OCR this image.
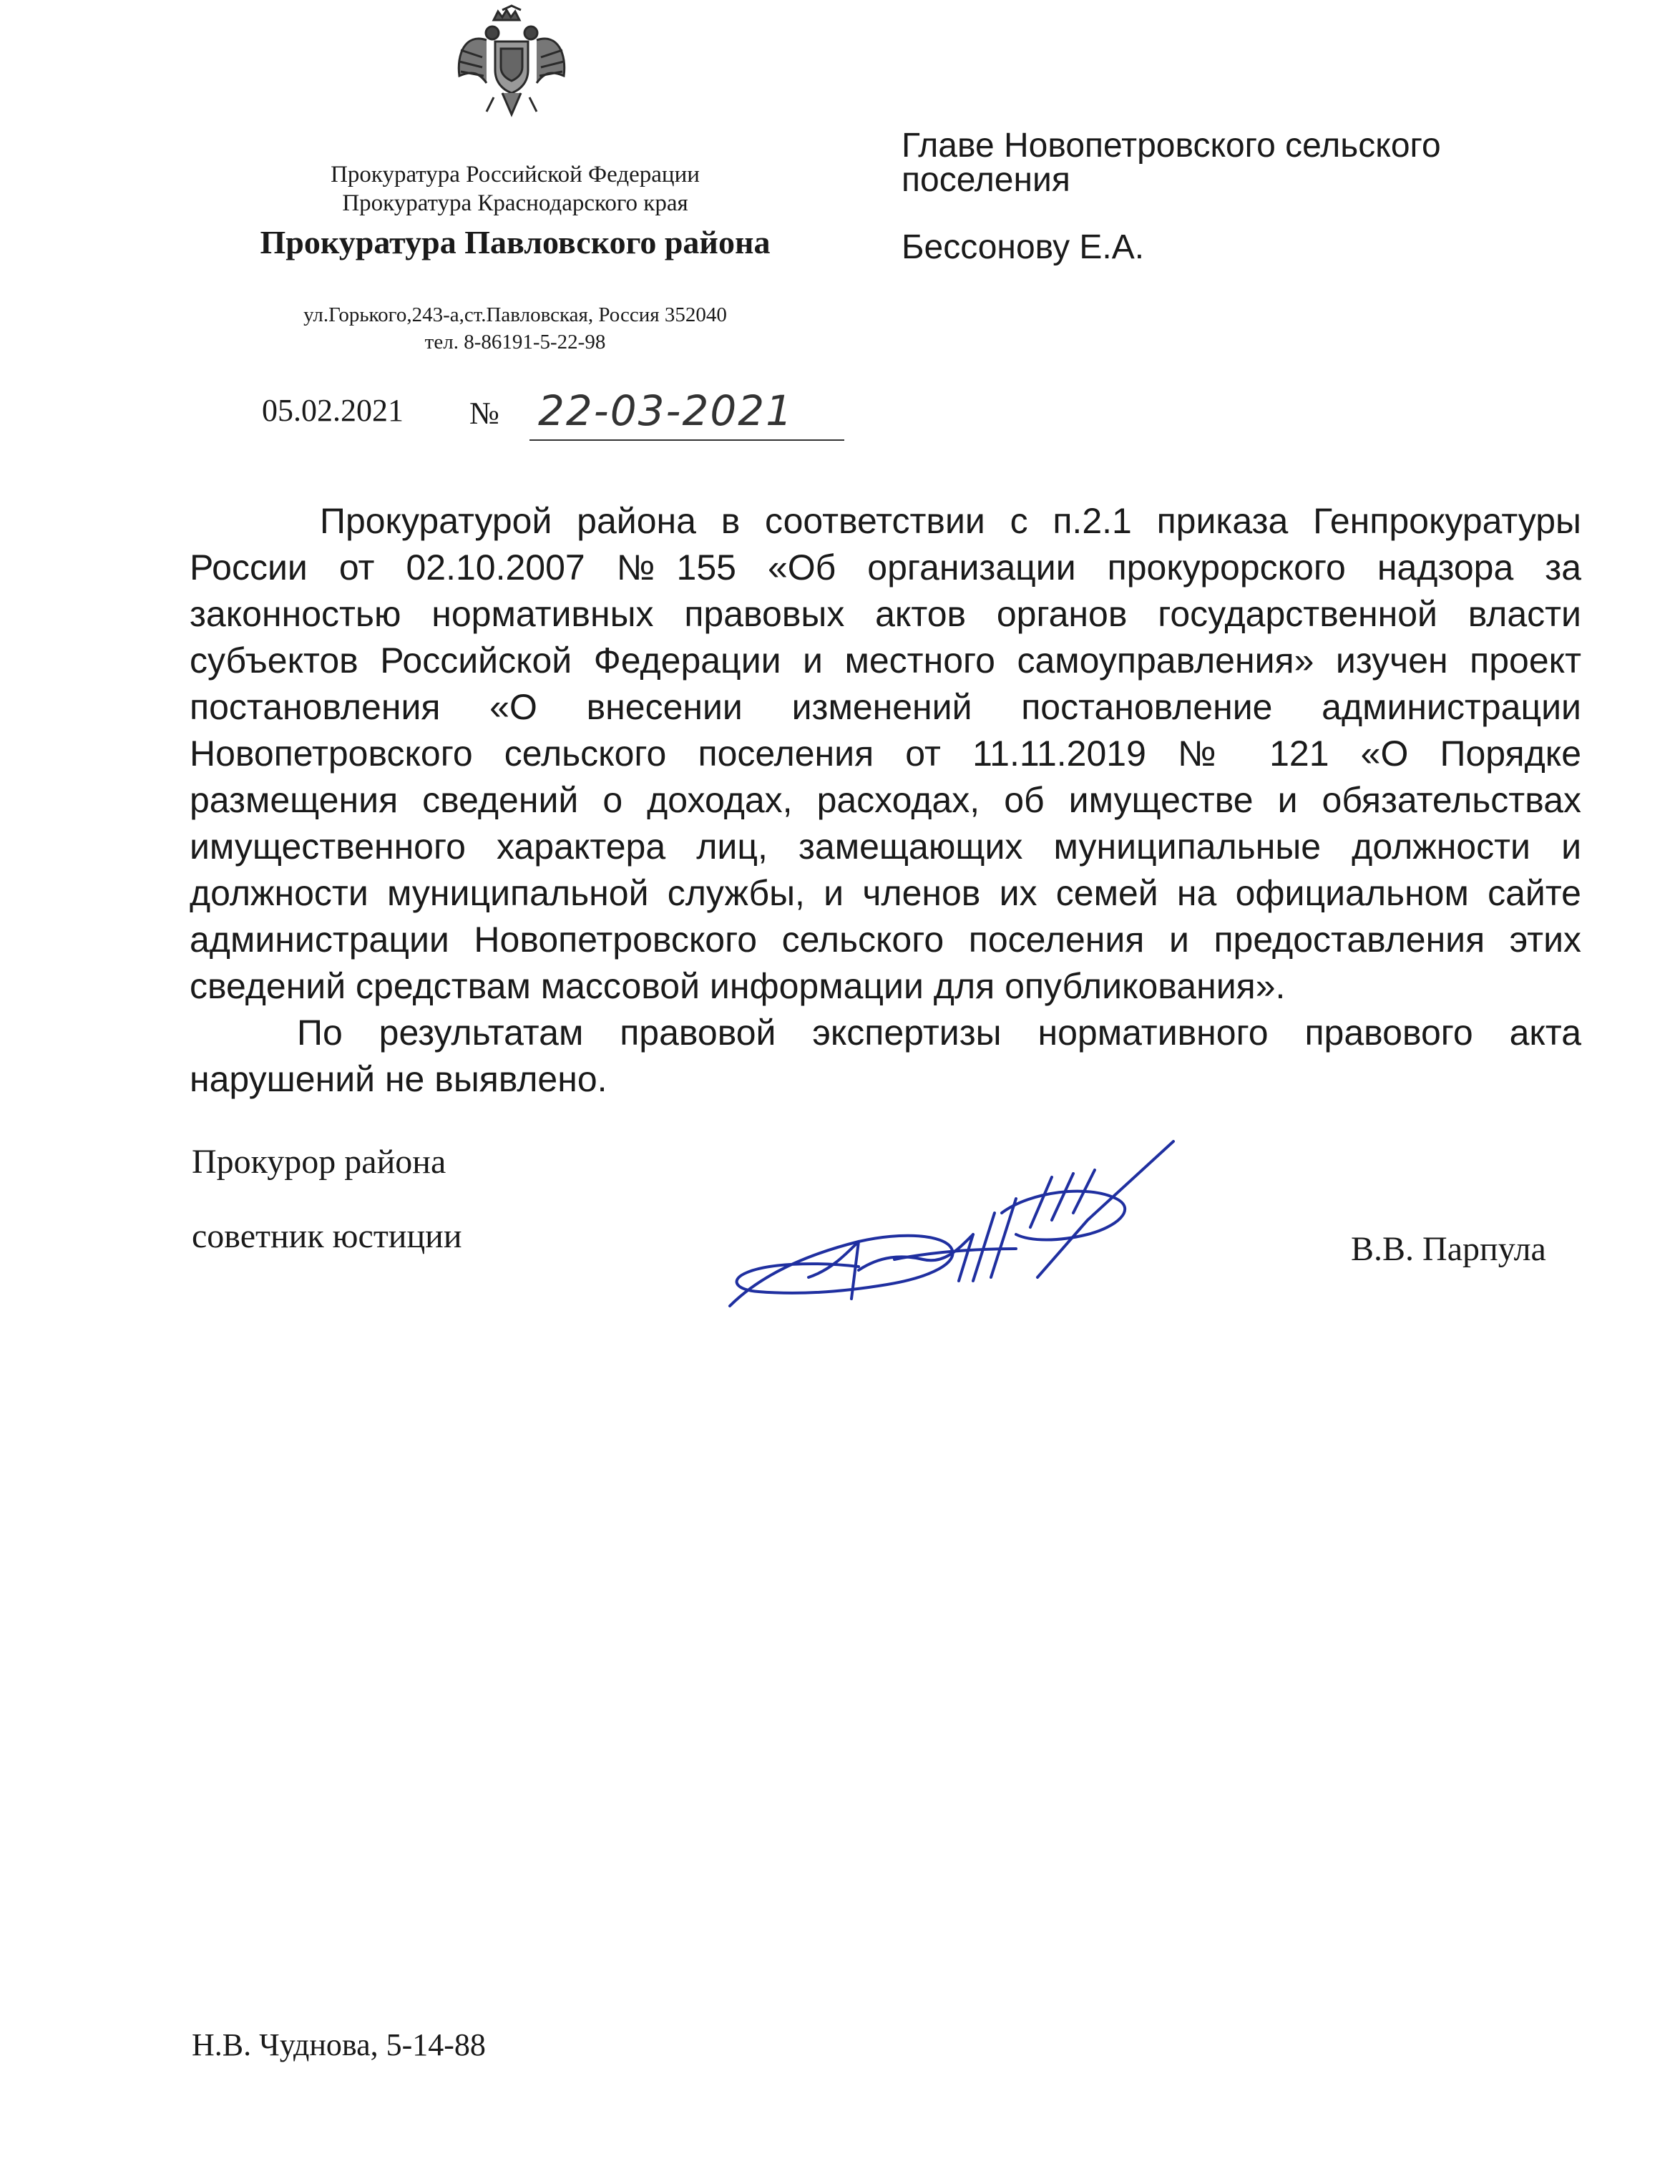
Прокуратура Российской Федерации
Прокуратура Краснодарского края
Прокуратура Павловского района
ул.Горького,243-а,ст.Павловская, Россия 352040
тел. 8-86191-5-22-98
05.02.2021 № 22-03-2021
Главе Новопетровского сельского
поселения
Бессонову Е.А.

Прокуратурой района в соответствии с п.2.1 приказа Генпрокуратуры России от 02.10.2007 №155 «Об организации прокурорского надзора за законностью нормативных правовых актов органов государственной власти субъектов Российской Федерации и местного самоуправления» изучен проект постановления «О внесении изменений постановление администрации Новопетровского сельского поселения от 11.11.2019 № 121 «О Порядке размещения сведений о доходах, расходах, об имуществе и обязательствах имущественного характера лиц, замещающих муниципальные должности и должности муниципальной службы, и членов их семей на официальном сайте администрации Новопетровского сельского поселения и предоставления этих сведений средствам массовой информации для опубликования».

По результатам правовой экспертизы нормативного правового акта нарушений не выявлено.

Прокурор района
советник юстиции	В.В. Парпула
Н.В. Чуднова, 5-14-88
